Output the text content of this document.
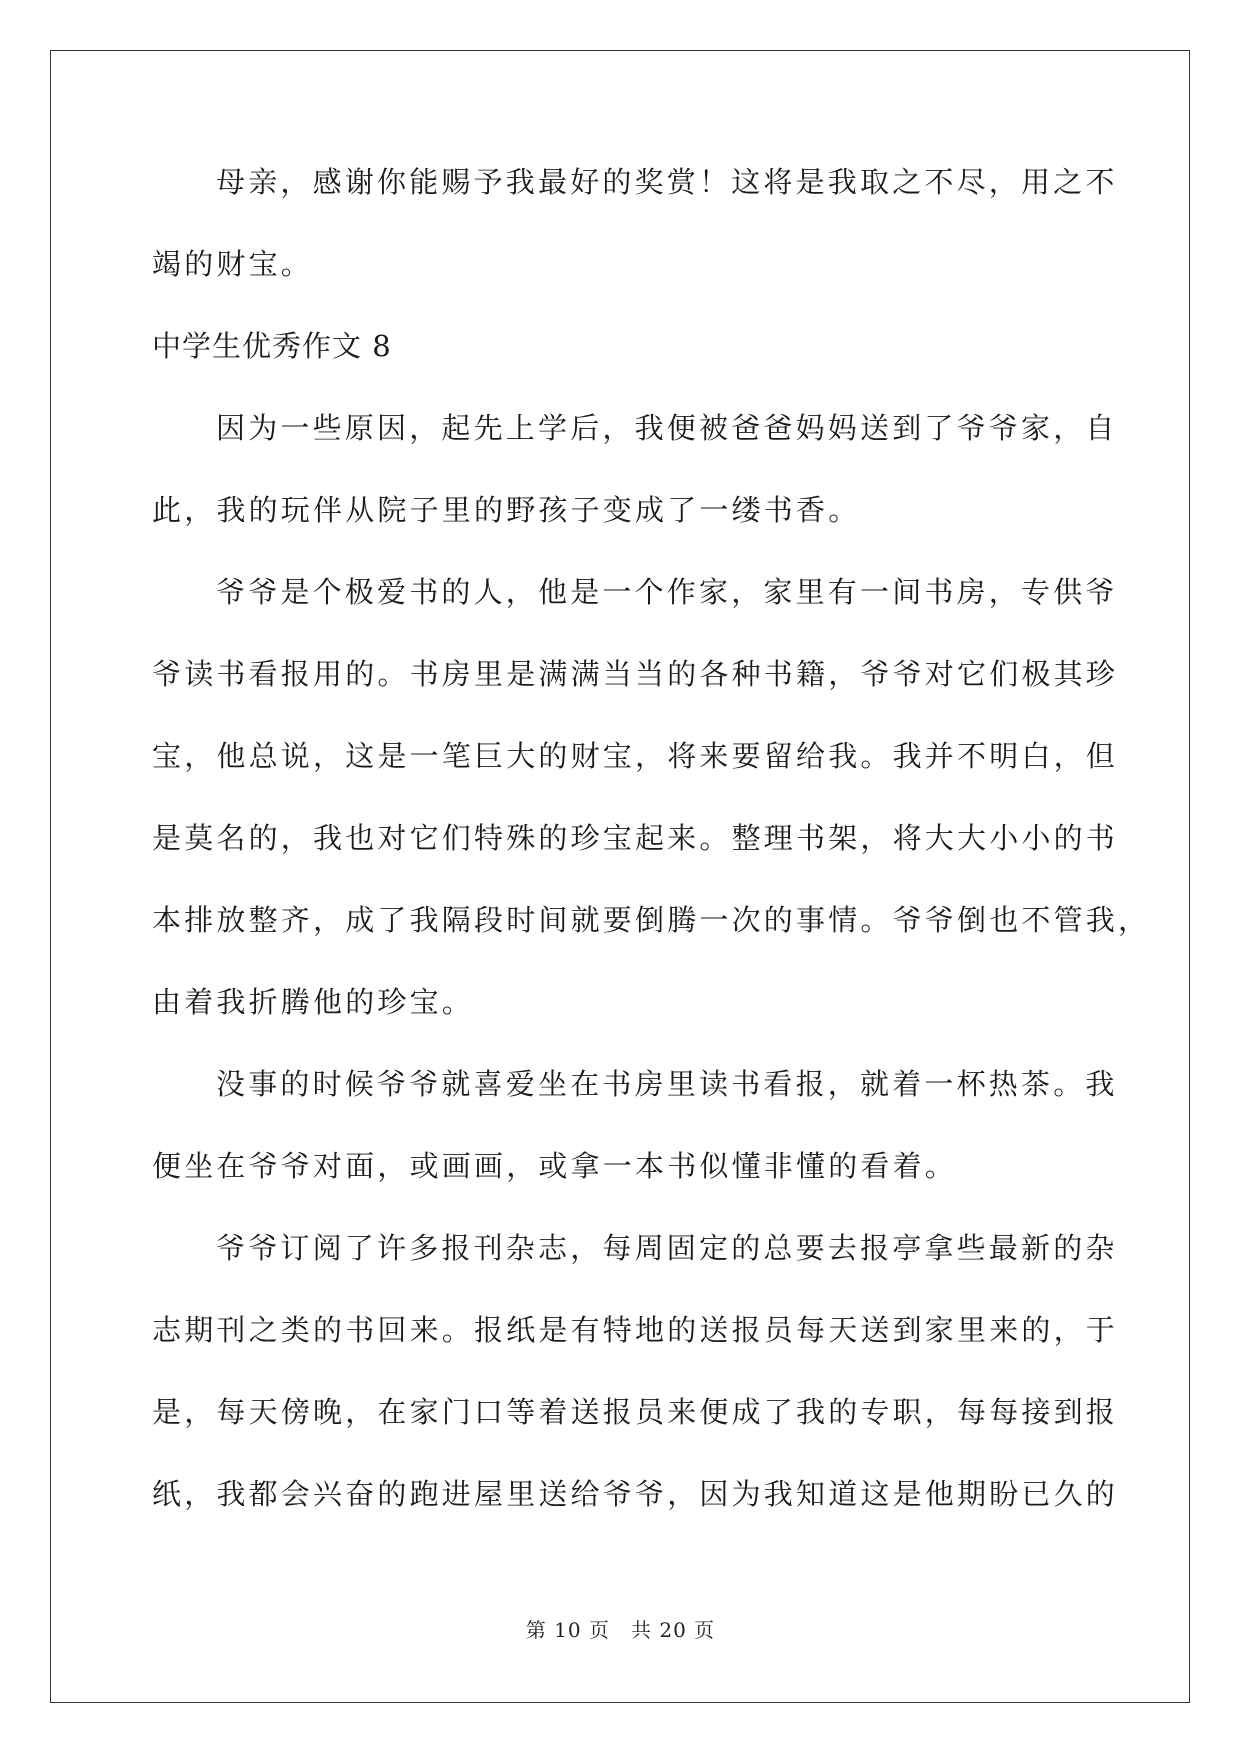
母亲，感谢你能赐予我最好的奖赏！这将是我取之不尽，用之不
竭的财宝。
中学生优秀作文 8
因为一些原因，起先上学后，我便被爸爸妈妈送到了爷爷家，自
此，我的玩伴从院子里的野孩子变成了一缕书香。
爷爷是个极爱书的人，他是一个作家，家里有一间书房，专供爷
爷读书看报用的。书房里是满满当当的各种书籍，爷爷对它们极其珍
宝，他总说，这是一笔巨大的财宝，将来要留给我。我并不明白，但
是莫名的，我也对它们特殊的珍宝起来。整理书架，将大大小小的书
本排放整齐，成了我隔段时间就要倒腾一次的事情。爷爷倒也不管我，
由着我折腾他的珍宝。
没事的时候爷爷就喜爱坐在书房里读书看报，就着一杯热茶。我
便坐在爷爷对面，或画画，或拿一本书似懂非懂的看着。
爷爷订阅了许多报刊杂志，每周固定的总要去报亭拿些最新的杂
志期刊之类的书回来。报纸是有特地的送报员每天送到家里来的，于
是，每天傍晚，在家门口等着送报员来便成了我的专职，每每接到报
纸，我都会兴奋的跑进屋里送给爷爷，因为我知道这是他期盼已久的
第 10 页　共 20 页
